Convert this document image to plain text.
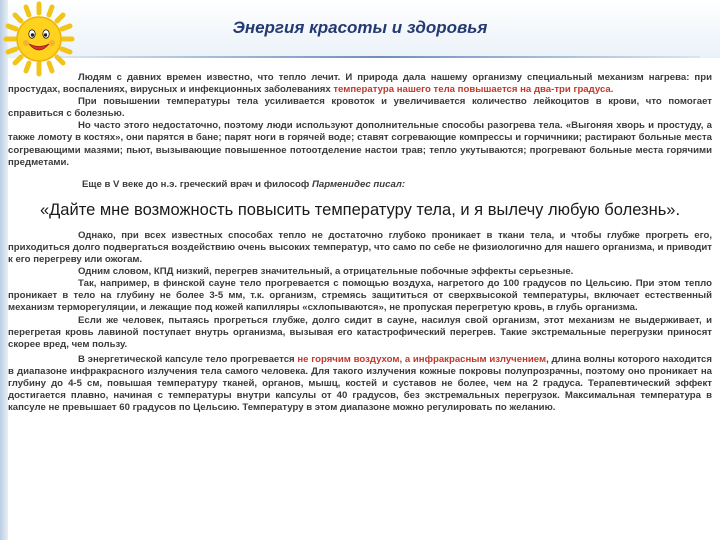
Энергия красоты и здоровья

Людям с давних времен известно, что тепло лечит. И природа дала нашему организму специальный механизм нагрева: при простудах, воспалениях, вирусных и инфекционных заболеваниях температура нашего тела повышается на два-три градуса.

При повышении температуры тела усиливается кровоток и увеличивается количество лейкоцитов в крови, что помогает справиться с болезнью.

Но часто этого недостаточно, поэтому люди используют дополнительные способы разогрева тела. «Выгоняя хворь и простуду, а также ломоту в костях», они парятся в бане; парят ноги в горячей воде; ставят согревающие компрессы и горчичники; растирают больные места согревающими мазями; пьют, вызывающие повышенное потоотделение настои трав; тепло укутываются; прогревают больные места горячими предметами.

Еще в V веке до н.э. греческий врач и философ Парменидес писал:

«Дайте мне возможность повысить температуру тела, и я вылечу любую болезнь».

Однако, при всех известных способах тепло не достаточно глубоко проникает в ткани тела, и чтобы глубже прогреть его, приходиться долго подвергаться воздействию очень высоких температур, что само по себе не физиологично для нашего организма, и приводит к его перегреву или ожогам.

Одним словом, КПД низкий, перегрев значительный, а отрицательные побочные эффекты серьезные.

Так, например, в финской сауне тело прогревается с помощью воздуха, нагретого до 100 градусов по Цельсию. При этом тепло проникает в тело на глубину не более 3-5 мм, т.к. организм, стремясь защититься от сверхвысокой температуры, включает естественный механизм терморегуляции, и лежащие под кожей капилляры «схлопываются», не пропуская перегретую кровь, в глубь организма.

Если же человек, пытаясь прогреться глубже, долго сидит в сауне, насилуя свой организм, этот механизм не выдерживает, и перегретая кровь лавиной поступает внутрь организма, вызывая его катастрофический перегрев. Такие экстремальные перегрузки приносят скорее вред, чем пользу.

В энергетической капсуле тело прогревается не горячим воздухом, а инфракрасным излучением, длина волны которого находится в диапазоне инфракрасного излучения тела самого человека. Для такого излучения кожные покровы полупрозрачны, поэтому оно проникает на глубину до 4-5 см, повышая температуру тканей, органов, мышц, костей и суставов не более, чем на 2 градуса. Терапевтический эффект достигается плавно, начиная с температуры внутри капсулы от 40 градусов, без экстремальных перегрузок. Максимальная температура в капсуле не превышает 60 градусов по Цельсию. Температуру в этом диапазоне можно регулировать по желанию.
